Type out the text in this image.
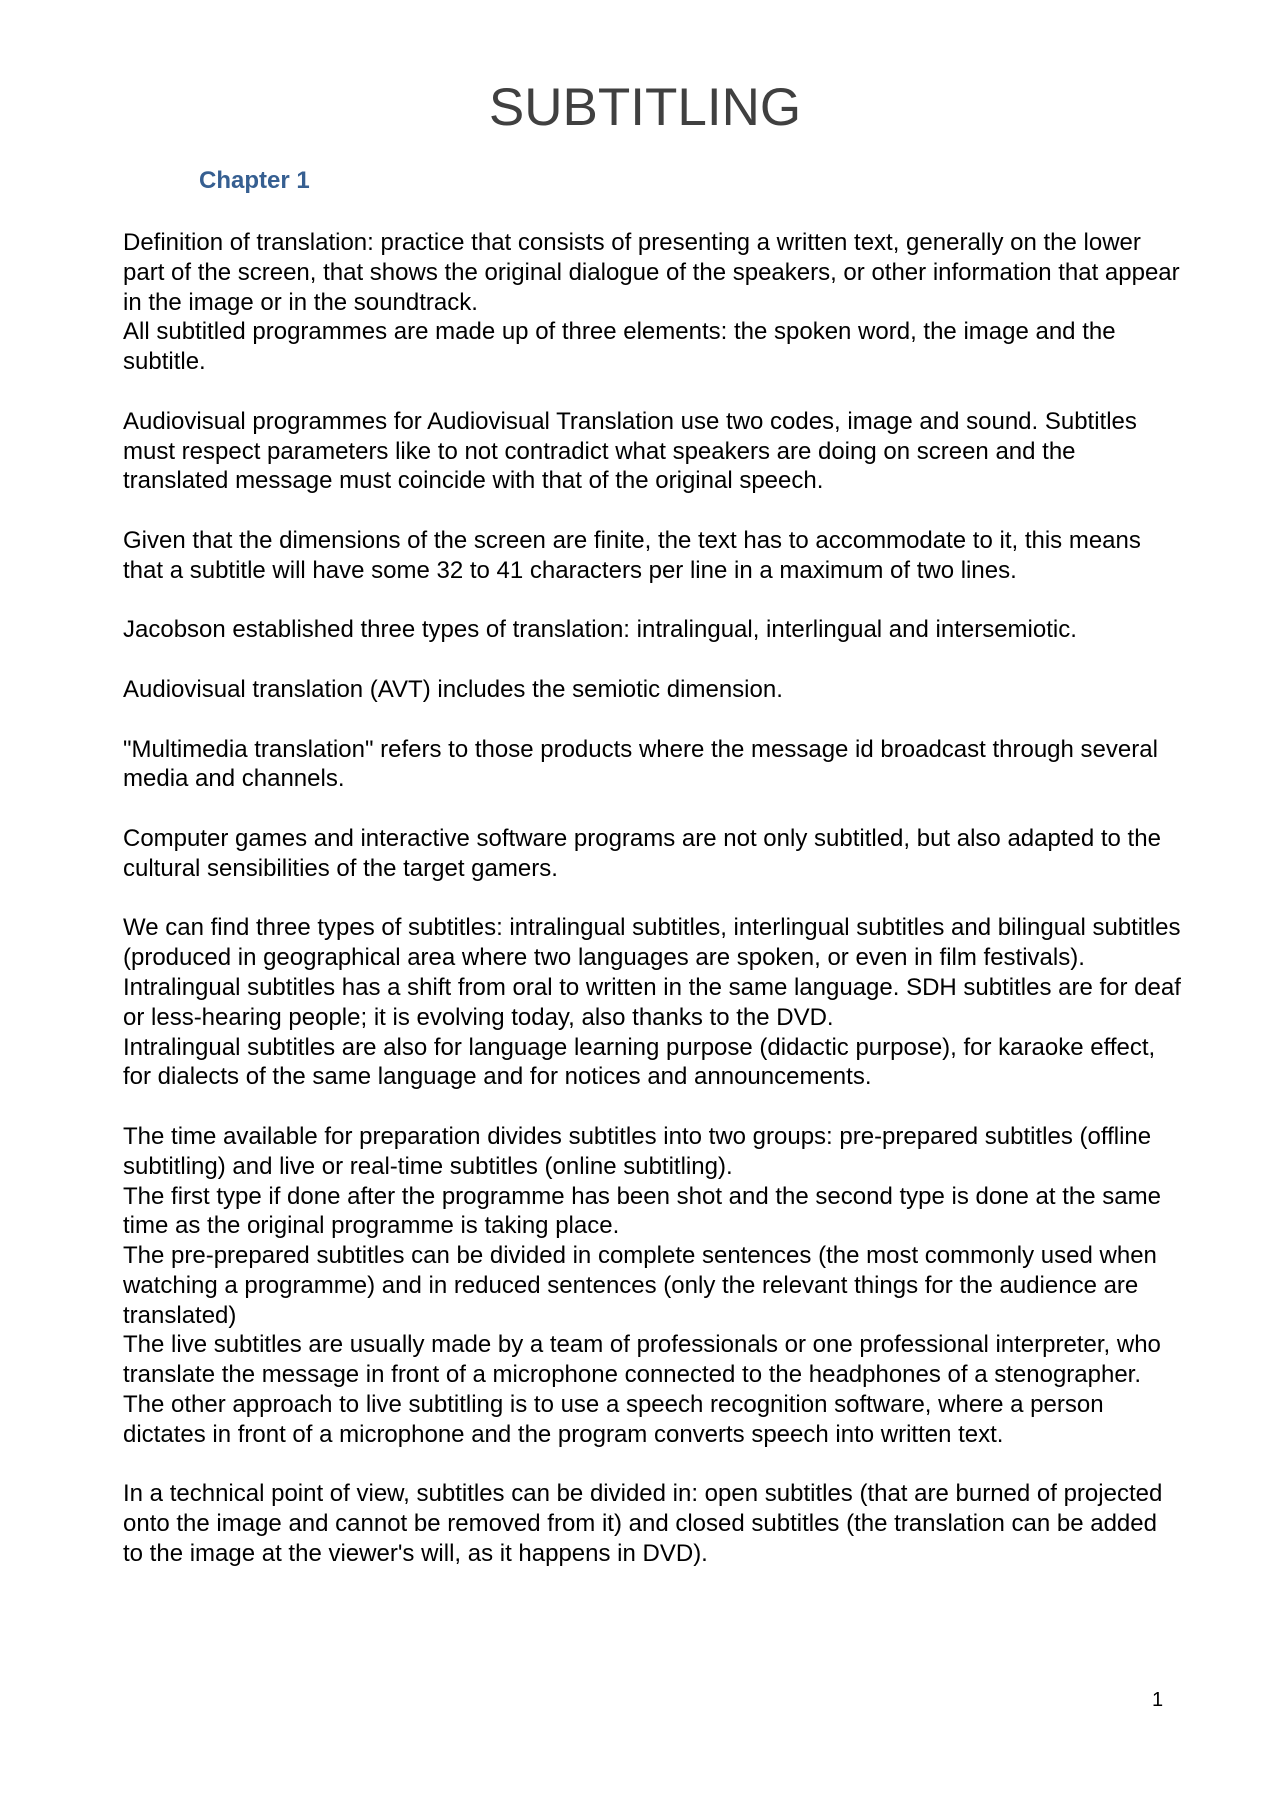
SUBTITLING
Chapter 1

Definition of translation: practice that consists of presenting a written text, generally on the lower part of the screen, that shows the original dialogue of the speakers, or other information that appear in the image or in the soundtrack.
All subtitled programmes are made up of three elements: the spoken word, the image and the subtitle.

Audiovisual programmes for Audiovisual Translation use two codes, image and sound. Subtitles must respect parameters like to not contradict what speakers are doing on screen and the translated message must coincide with that of the original speech.

Given that the dimensions of the screen are finite, the text has to accommodate to it, this means that a subtitle will have some 32 to 41 characters per line in a maximum of two lines.

Jacobson established three types of translation: intralingual, interlingual and intersemiotic.

Audiovisual translation (AVT) includes the semiotic dimension.

"Multimedia translation" refers to those products where the message id broadcast through several media and channels.

Computer games and interactive software programs are not only subtitled, but also adapted to the cultural sensibilities of the target gamers.

We can find three types of subtitles: intralingual subtitles, interlingual subtitles and bilingual subtitles (produced in geographical area where two languages are spoken, or even in film festivals).
Intralingual subtitles has a shift from oral to written in the same language. SDH subtitles are for deaf or less-hearing people; it is evolving today, also thanks to the DVD.
Intralingual subtitles are also for language learning purpose (didactic purpose), for karaoke effect, for dialects of the same language and for notices and announcements.

The time available for preparation divides subtitles into two groups: pre-prepared subtitles (offline subtitling) and live or real-time subtitles (online subtitling).
The first type if done after the programme has been shot and the second type is done at the same time as the original programme is taking place.
The pre-prepared subtitles can be divided in complete sentences (the most commonly used when watching a programme) and in reduced sentences (only the relevant things for the audience are translated)
The live subtitles are usually made by a team of professionals or one professional interpreter, who translate the message in front of a microphone connected to the headphones of a stenographer. The other approach to live subtitling is to use a speech recognition software, where a person dictates in front of a microphone and the program converts speech into written text.

In a technical point of view, subtitles can be divided in: open subtitles (that are burned of projected onto the image and cannot be removed from it) and closed subtitles (the translation can be added to the image at the viewer's will, as it happens in DVD).

1
